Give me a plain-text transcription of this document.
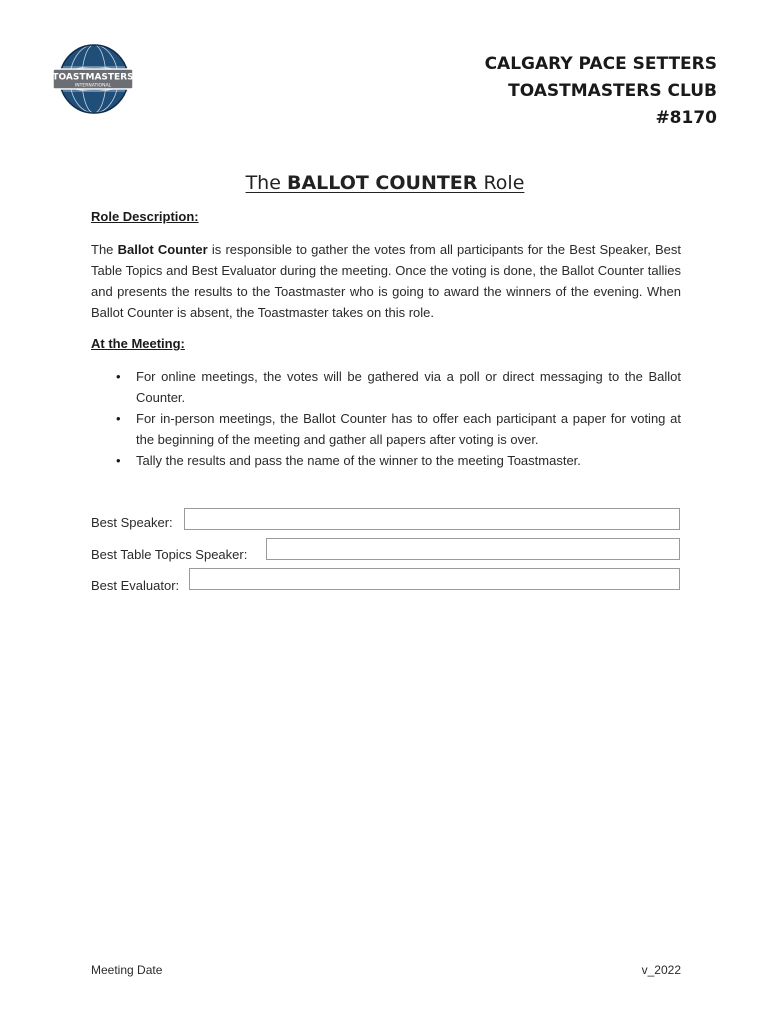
TOASTMASTERS
INTERNATIONAL
CALGARY PACE SETTERS
TOASTMASTERS CLUB
#8170
The BALLOT COUNTER Role
Role Description:
The Ballot Counter is responsible to gather the votes from all participants for the Best Speaker, Best Table Topics and Best Evaluator during the meeting. Once the voting is done, the Ballot Counter tallies and presents the results to the Toastmaster who is going to award the winners of the evening. When Ballot Counter is absent, the Toastmaster takes on this role.
At the Meeting:
• For online meetings, the votes will be gathered via a poll or direct messaging to the Ballot Counter.
• For in-person meetings, the Ballot Counter has to offer each participant a paper for voting at the beginning of the meeting and gather all papers after voting is over.
• Tally the results and pass the name of the winner to the meeting Toastmaster.
Best Speaker:
Best Table Topics Speaker:
Best Evaluator:
Meeting Date	v_2022
